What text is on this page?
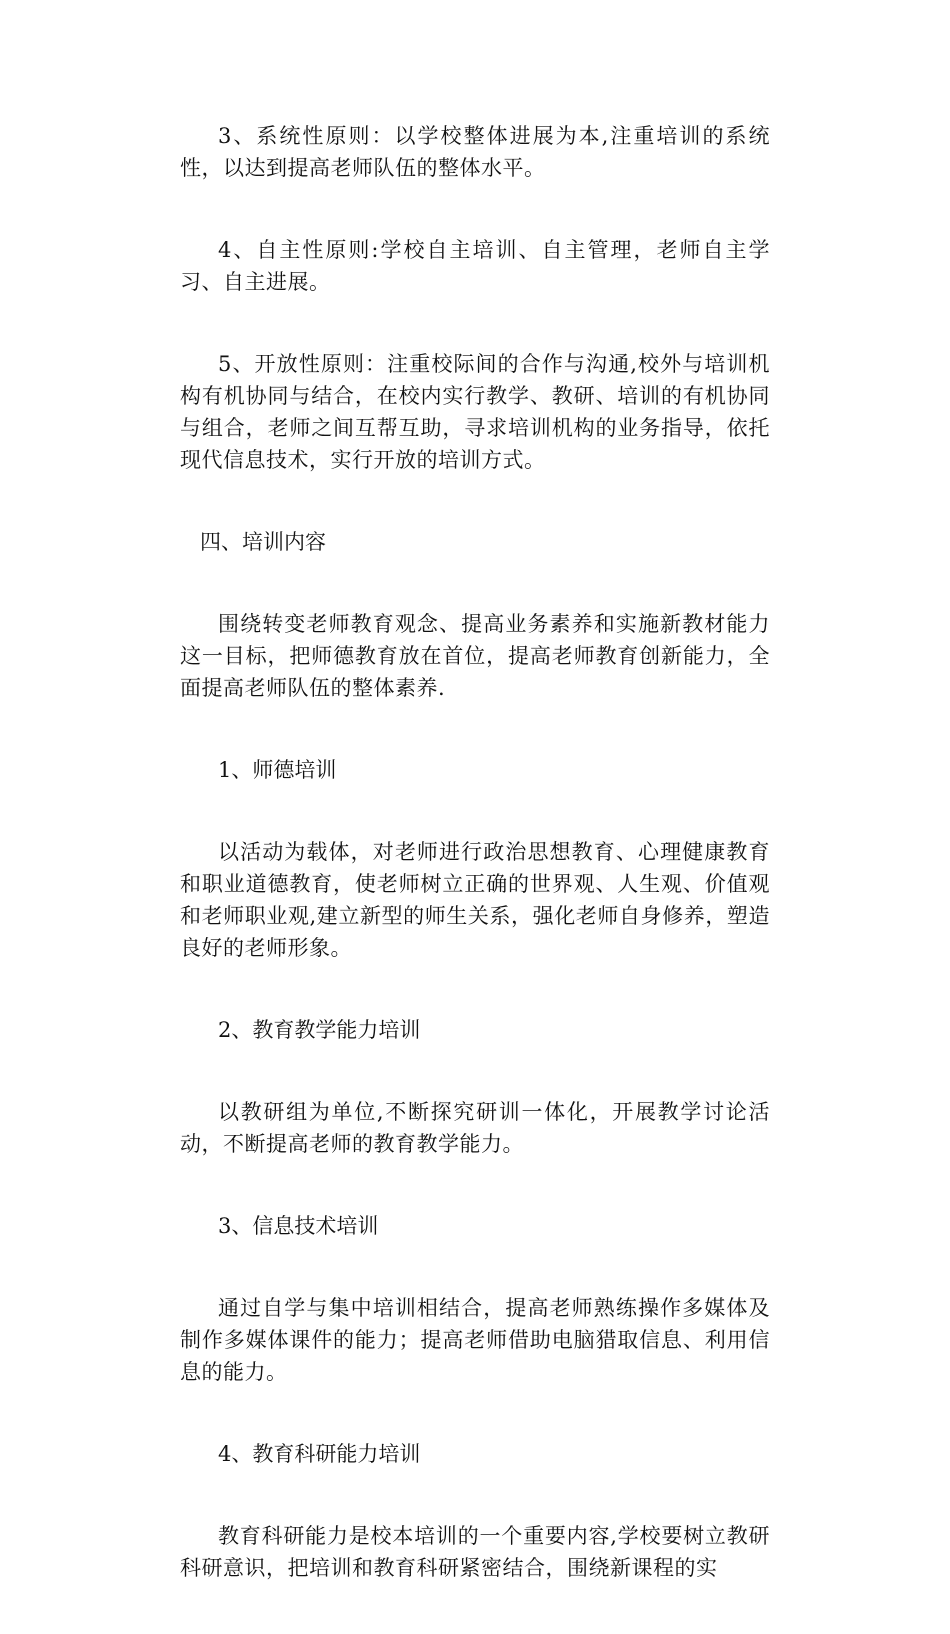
3、系统性原则：以学校整体进展为本,注重培训的系统性，以达到提高老师队伍的整体水平。

4、自主性原则:学校自主培训、自主管理，老师自主学习、自主进展。

5、开放性原则：注重校际间的合作与沟通,校外与培训机构有机协同与结合，在校内实行教学、教研、培训的有机协同与组合，老师之间互帮互助，寻求培训机构的业务指导，依托现代信息技术，实行开放的培训方式。

四、培训内容

围绕转变老师教育观念、提高业务素养和实施新教材能力这一目标，把师德教育放在首位，提高老师教育创新能力，全面提高老师队伍的整体素养.

1、师德培训

以活动为载体，对老师进行政治思想教育、心理健康教育和职业道德教育，使老师树立正确的世界观、人生观、价值观和老师职业观,建立新型的师生关系，强化老师自身修养，塑造良好的老师形象。

2、教育教学能力培训

以教研组为单位,不断探究研训一体化，开展教学讨论活动，不断提高老师的教育教学能力。

3、信息技术培训

通过自学与集中培训相结合，提高老师熟练操作多媒体及制作多媒体课件的能力；提高老师借助电脑猎取信息、利用信息的能力。

4、教育科研能力培训

教育科研能力是校本培训的一个重要内容,学校要树立教研科研意识，把培训和教育科研紧密结合，围绕新课程的实
